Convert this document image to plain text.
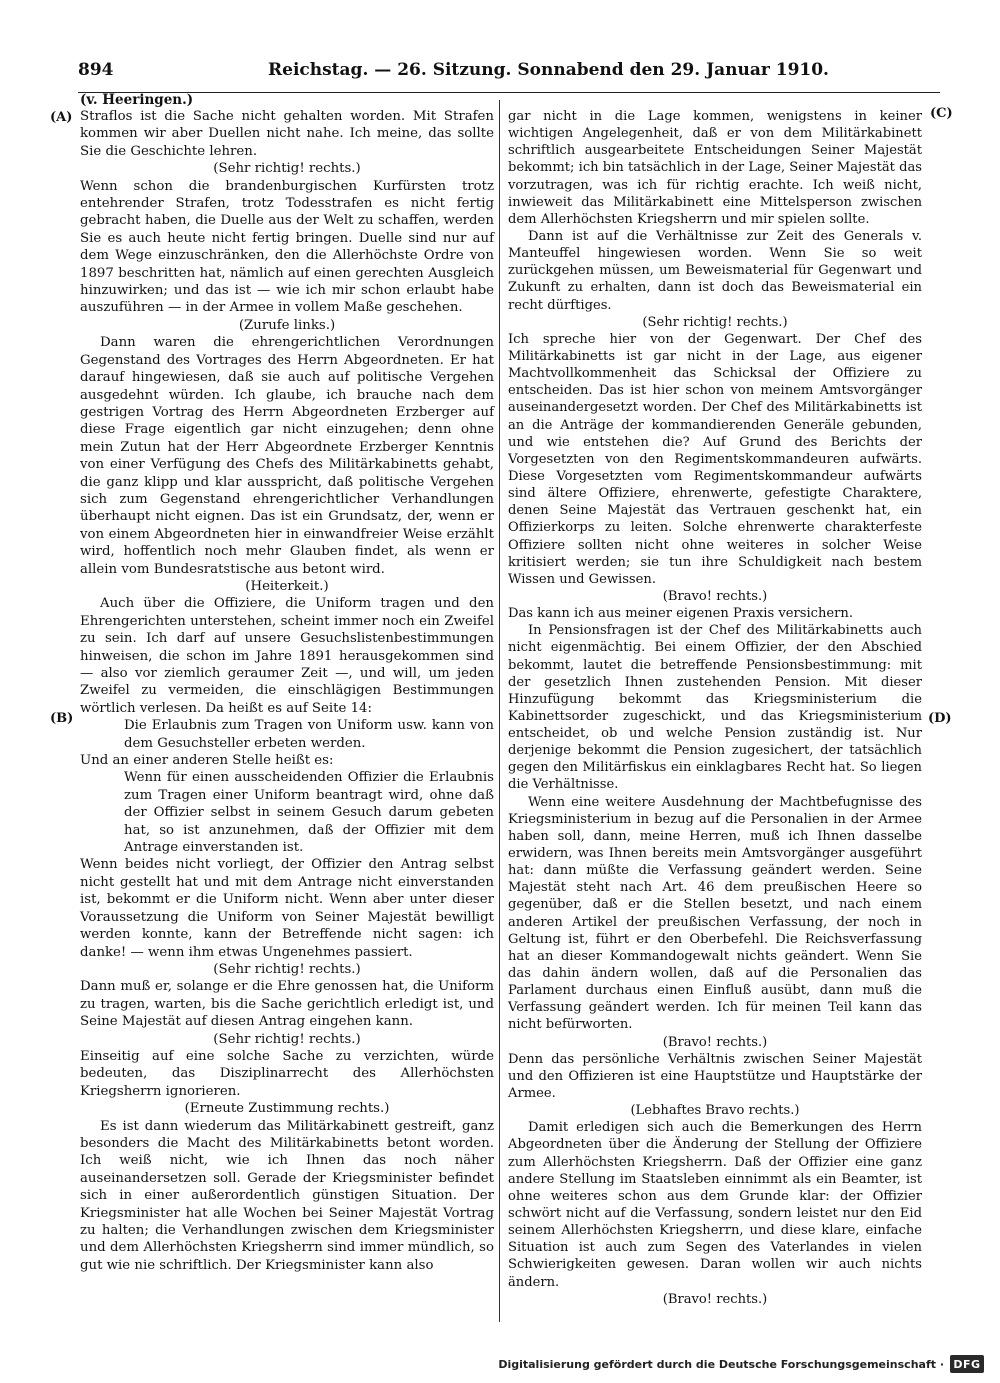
894	Reichstag. — 26. Sitzung. Sonnabend den 29. Januar 1910.
(v. Heeringen.)
(A)
(B)
(C)
(D)

Straflos ist die Sache nicht gehalten worden. Mit Strafen kommen wir aber Duellen nicht nahe. Ich meine, das sollte Sie die Geschichte lehren.

(Sehr richtig! rechts.)

Wenn schon die brandenburgischen Kurfürsten trotz entehrender Strafen, trotz Todesstrafen es nicht fertig gebracht haben, die Duelle aus der Welt zu schaffen, werden Sie es auch heute nicht fertig bringen. Duelle sind nur auf dem Wege einzuschränken, den die Allerhöchste Ordre von 1897 beschritten hat, nämlich auf einen gerechten Ausgleich hinzuwirken; und das ist — wie ich mir schon erlaubt habe auszuführen — in der Armee in vollem Maße geschehen.

(Zurufe links.)

Dann waren die ehrengerichtlichen Verordnungen Gegenstand des Vortrages des Herrn Abgeordneten. Er hat darauf hingewiesen, daß sie auch auf politische Vergehen ausgedehnt würden. Ich glaube, ich brauche nach dem gestrigen Vortrag des Herrn Abgeordneten Erzberger auf diese Frage eigentlich gar nicht einzugehen; denn ohne mein Zutun hat der Herr Abgeordnete Erzberger Kenntnis von einer Verfügung des Chefs des Militärkabinetts gehabt, die ganz klipp und klar ausspricht, daß politische Vergehen sich zum Gegenstand ehrengerichtlicher Verhandlungen überhaupt nicht eignen. Das ist ein Grundsatz, der, wenn er von einem Abgeordneten hier in einwandfreier Weise erzählt wird, hoffentlich noch mehr Glauben findet, als wenn er allein vom Bundesratstische aus betont wird.

(Heiterkeit.)

Auch über die Offiziere, die Uniform tragen und den Ehrengerichten unterstehen, scheint immer noch ein Zweifel zu sein. Ich darf auf unsere Gesuchslistenbestimmungen hinweisen, die schon im Jahre 1891 herausgekommen sind — also vor ziemlich geraumer Zeit —, und will, um jeden Zweifel zu vermeiden, die einschlägigen Bestimmungen wörtlich verlesen. Da heißt es auf Seite 14:

Die Erlaubnis zum Tragen von Uniform usw. kann von dem Gesuchsteller erbeten werden.

Und an einer anderen Stelle heißt es:

Wenn für einen ausscheidenden Offizier die Erlaubnis zum Tragen einer Uniform beantragt wird, ohne daß der Offizier selbst in seinem Gesuch darum gebeten hat, so ist anzunehmen, daß der Offizier mit dem Antrage einverstanden ist.

Wenn beides nicht vorliegt, der Offizier den Antrag selbst nicht gestellt hat und mit dem Antrage nicht einverstanden ist, bekommt er die Uniform nicht. Wenn aber unter dieser Voraussetzung die Uniform von Seiner Majestät bewilligt werden konnte, kann der Betreffende nicht sagen: ich danke! — wenn ihm etwas Ungenehmes passiert.

(Sehr richtig! rechts.)

Dann muß er, solange er die Ehre genossen hat, die Uniform zu tragen, warten, bis die Sache gerichtlich erledigt ist, und Seine Majestät auf diesen Antrag eingehen kann.

(Sehr richtig! rechts.)

Einseitig auf eine solche Sache zu verzichten, würde bedeuten, das Disziplinarrecht des Allerhöchsten Kriegsherrn ignorieren.

(Erneute Zustimmung rechts.)

Es ist dann wiederum das Militärkabinett gestreift, ganz besonders die Macht des Militärkabinetts betont worden. Ich weiß nicht, wie ich Ihnen das noch näher auseinandersetzen soll. Gerade der Kriegsminister befindet sich in einer außerordentlich günstigen Situation. Der Kriegsminister hat alle Wochen bei Seiner Majestät Vortrag zu halten; die Verhandlungen zwischen dem Kriegsminister und dem Allerhöchsten Kriegsherrn sind immer mündlich, so gut wie nie schriftlich. Der Kriegsminister kann also

gar nicht in die Lage kommen, wenigstens in keiner wichtigen Angelegenheit, daß er von dem Militärkabinett schriftlich ausgearbeitete Entscheidungen Seiner Majestät bekommt; ich bin tatsächlich in der Lage, Seiner Majestät das vorzutragen, was ich für richtig erachte. Ich weiß nicht, inwieweit das Militärkabinett eine Mittelsperson zwischen dem Allerhöchsten Kriegsherrn und mir spielen sollte.

Dann ist auf die Verhältnisse zur Zeit des Generals v. Manteuffel hingewiesen worden. Wenn Sie so weit zurückgehen müssen, um Beweismaterial für Gegenwart und Zukunft zu erhalten, dann ist doch das Beweismaterial ein recht dürftiges.

(Sehr richtig! rechts.)

Ich spreche hier von der Gegenwart. Der Chef des Militärkabinetts ist gar nicht in der Lage, aus eigener Machtvollkommenheit das Schicksal der Offiziere zu entscheiden. Das ist hier schon von meinem Amtsvorgänger auseinandergesetzt worden. Der Chef des Militärkabinetts ist an die Anträge der kommandierenden Generäle gebunden, und wie entstehen die? Auf Grund des Berichts der Vorgesetzten von den Regimentskommandeuren aufwärts. Diese Vorgesetzten vom Regimentskommandeur aufwärts sind ältere Offiziere, ehrenwerte, gefestigte Charaktere, denen Seine Majestät das Vertrauen geschenkt hat, ein Offizierkorps zu leiten. Solche ehrenwerte charakterfeste Offiziere sollten nicht ohne weiteres in solcher Weise kritisiert werden; sie tun ihre Schuldigkeit nach bestem Wissen und Gewissen.

(Bravo! rechts.)

Das kann ich aus meiner eigenen Praxis versichern.

In Pensionsfragen ist der Chef des Militärkabinetts auch nicht eigenmächtig. Bei einem Offizier, der den Abschied bekommt, lautet die betreffende Pensionsbestimmung: mit der gesetzlich Ihnen zustehenden Pension. Mit dieser Hinzufügung bekommt das Kriegsministerium die Kabinettsorder zugeschickt, und das Kriegsministerium entscheidet, ob und welche Pension zuständig ist. Nur derjenige bekommt die Pension zugesichert, der tatsächlich gegen den Militärfiskus ein einklagbares Recht hat. So liegen die Verhältnisse.

Wenn eine weitere Ausdehnung der Machtbefugnisse des Kriegsministerium in bezug auf die Personalien in der Armee haben soll, dann, meine Herren, muß ich Ihnen dasselbe erwidern, was Ihnen bereits mein Amtsvorgänger ausgeführt hat: dann müßte die Verfassung geändert werden. Seine Majestät steht nach Art. 46 dem preußischen Heere so gegenüber, daß er die Stellen besetzt, und nach einem anderen Artikel der preußischen Verfassung, der noch in Geltung ist, führt er den Oberbefehl. Die Reichsverfassung hat an dieser Kommandogewalt nichts geändert. Wenn Sie das dahin ändern wollen, daß auf die Personalien das Parlament durchaus einen Einfluß ausübt, dann muß die Verfassung geändert werden. Ich für meinen Teil kann das nicht befürworten.

(Bravo! rechts.)

Denn das persönliche Verhältnis zwischen Seiner Majestät und den Offizieren ist eine Hauptstütze und Hauptstärke der Armee.

(Lebhaftes Bravo rechts.)

Damit erledigen sich auch die Bemerkungen des Herrn Abgeordneten über die Änderung der Stellung der Offiziere zum Allerhöchsten Kriegsherrn. Daß der Offizier eine ganz andere Stellung im Staatsleben einnimmt als ein Beamter, ist ohne weiteres schon aus dem Grunde klar: der Offizier schwört nicht auf die Verfassung, sondern leistet nur den Eid seinem Allerhöchsten Kriegsherrn, und diese klare, einfache Situation ist auch zum Segen des Vaterlandes in vielen Schwierigkeiten gewesen. Daran wollen wir auch nichts ändern.

(Bravo! rechts.)

Digitalisierung gefördert durch die Deutsche Forschungsgemeinschaft · DFG
